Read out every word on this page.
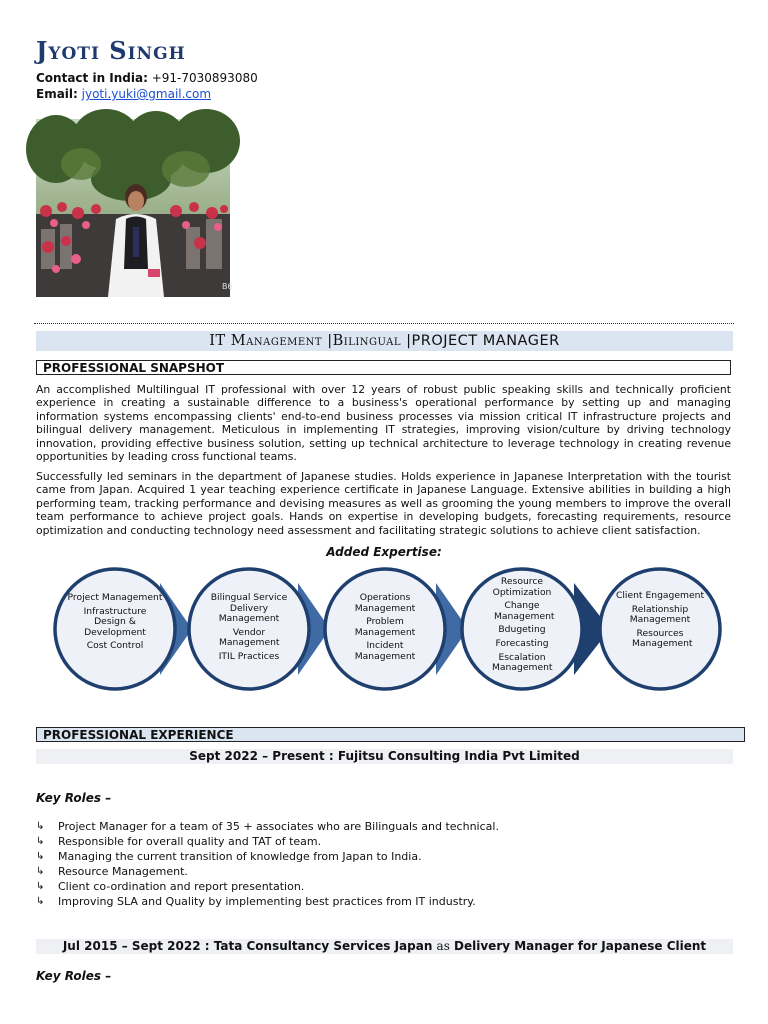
Jyoti Singh
Contact in India: +91-7030893080
Email: jyoti.yuki@gmail.com
B6
IT Management |Bilingual |PROJECT MANAGER
PROFESSIONAL SNAPSHOT
An accomplished Multilingual IT professional with over 12 years of robust public speaking skills and technically proficient experience in creating a sustainable difference to a business's operational performance by setting up and managing information systems encompassing clients' end-to-end business processes via mission critical IT infrastructure projects and bilingual delivery management. Meticulous in implementing IT strategies, improving vision/culture by driving technology innovation, providing effective business solution, setting up technical architecture to leverage technology in creating revenue opportunities by leading cross functional teams.
Successfully led seminars in the department of Japanese studies. Holds experience in Japanese Interpretation with the tourist came from Japan. Acquired 1 year teaching experience certificate in Japanese Language. Extensive abilities in building a high performing team, tracking performance and devising measures as well as grooming the young members to improve the overall team performance to achieve project goals. Hands on expertise in developing budgets, forecasting requirements, resource optimization and conducting technology need assessment and facilitating strategic solutions to achieve client satisfaction.
Added Expertise:
Project Management
Infrastructure Design & Development
Cost Control
Bilingual Service Delivery Management
Vendor Management
ITIL Practices
Operations Management
Problem Management
Incident Management
Resource Optimization
Change Management
Bdugeting
Forecasting
Escalation Management
Client Engagement
Relationship Management
Resources Management
PROFESSIONAL EXPERIENCE
Sept 2022 – Present : Fujitsu Consulting India Pvt Limited
Key Roles –
↳ Project Manager for a team of 35 + associates who are Bilinguals and technical.
↳ Responsible for overall quality and TAT of team.
↳ Managing the current transition of knowledge from Japan to India.
↳ Resource Management.
↳ Client co-ordination and report presentation.
↳ Improving SLA and Quality by implementing best practices from IT industry.
Jul 2015 – Sept 2022 : Tata Consultancy Services Japan as Delivery Manager for Japanese Client
Key Roles –
